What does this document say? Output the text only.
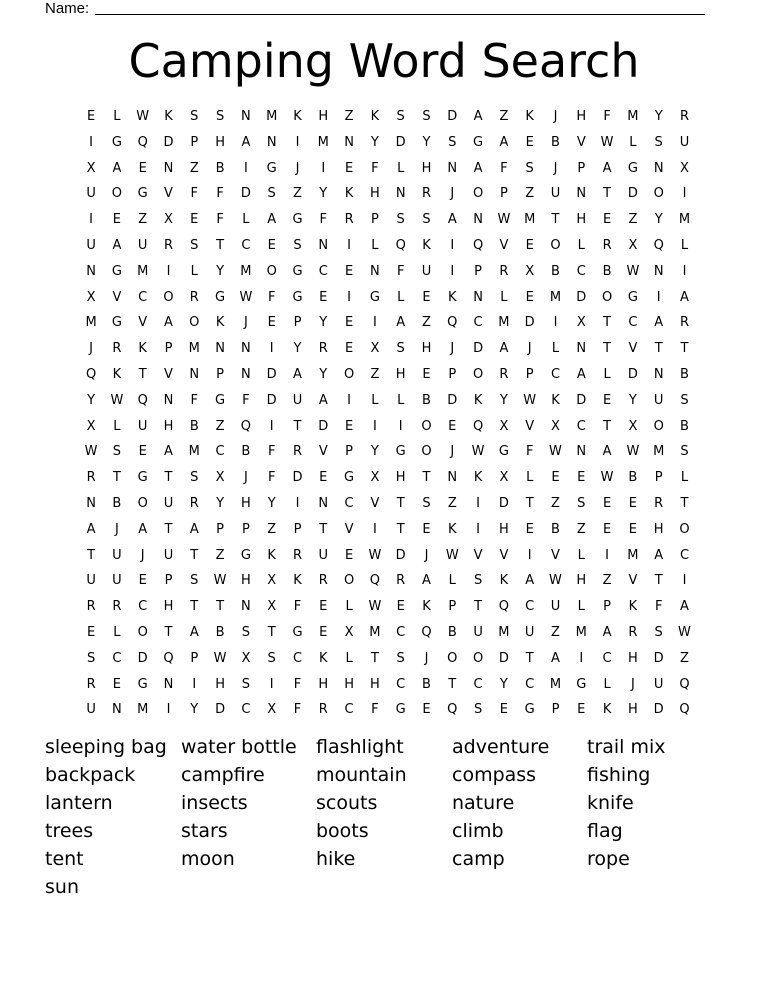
Name:
Camping Word Search
E	L	W	K	S	S	N	M	K	H	Z	K	S	S	D	A	Z	K	J	H	F	M	Y	R
I	G	Q	D	P	H	A	N	I	M	N	Y	D	Y	S	G	A	E	B	V	W	L	S	U
X	A	E	N	Z	B	I	G	J	I	E	F	L	H	N	A	F	S	J	P	A	G	N	X
U	O	G	V	F	F	D	S	Z	Y	K	H	N	R	J	O	P	Z	U	N	T	D	O	I
I	E	Z	X	E	F	L	A	G	F	R	P	S	S	A	N	W	M	T	H	E	Z	Y	M
U	A	U	R	S	T	C	E	S	N	I	L	Q	K	I	Q	V	E	O	L	R	X	Q	L
N	G	M	I	L	Y	M	O	G	C	E	N	F	U	I	P	R	X	B	C	B	W	N	I
X	V	C	O	R	G	W	F	G	E	I	G	L	E	K	N	L	E	M	D	O	G	I	A
M	G	V	A	O	K	J	E	P	Y	E	I	A	Z	Q	C	M	D	I	X	T	C	A	R
J	R	K	P	M	N	N	I	Y	R	E	X	S	H	J	D	A	J	L	N	T	V	T	T
Q	K	T	V	N	P	N	D	A	Y	O	Z	H	E	P	O	R	P	C	A	L	D	N	B
Y	W	Q	N	F	G	F	D	U	A	I	L	L	B	D	K	Y	W	K	D	E	Y	U	S
X	L	U	H	B	Z	Q	I	T	D	E	I	I	O	E	Q	X	V	X	C	T	X	O	B
W	S	E	A	M	C	B	F	R	V	P	Y	G	O	J	W	G	F	W	N	A	W	M	S
R	T	G	T	S	X	J	F	D	E	G	X	H	T	N	K	X	L	E	E	W	B	P	L
N	B	O	U	R	Y	H	Y	I	N	C	V	T	S	Z	I	D	T	Z	S	E	E	R	T
A	J	A	T	A	P	P	Z	P	T	V	I	T	E	K	I	H	E	B	Z	E	E	H	O
T	U	J	U	T	Z	G	K	R	U	E	W	D	J	W	V	V	I	V	L	I	M	A	C
U	U	E	P	S	W	H	X	K	R	O	Q	R	A	L	S	K	A	W	H	Z	V	T	I
R	R	C	H	T	T	N	X	F	E	L	W	E	K	P	T	Q	C	U	L	P	K	F	A
E	L	O	T	A	B	S	T	G	E	X	M	C	Q	B	U	M	U	Z	M	A	R	S	W
S	C	D	Q	P	W	X	S	C	K	L	T	S	J	O	O	D	T	A	I	C	H	D	Z
R	E	G	N	I	H	S	I	F	H	H	H	C	B	T	C	Y	C	M	G	L	J	U	Q
U	N	M	I	Y	D	C	X	F	R	C	F	G	E	Q	S	E	G	P	E	K	H	D	Q
sleeping bag
backpack
lantern
trees
tent
sun
water bottle
campfire
insects
stars
moon
flashlight
mountain
scouts
boots
hike
adventure
compass
nature
climb
camp
trail mix
fishing
knife
flag
rope
